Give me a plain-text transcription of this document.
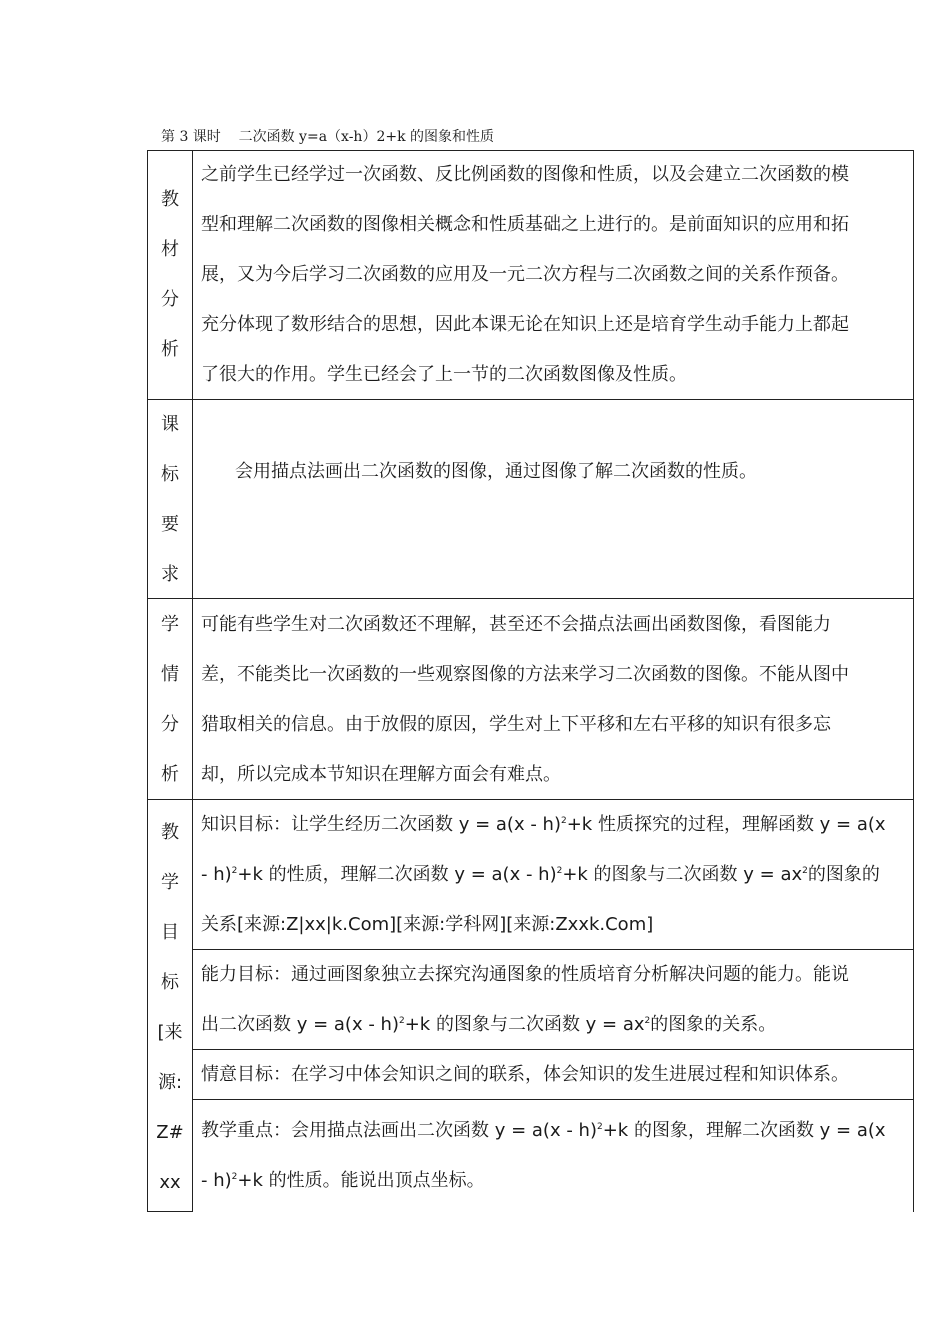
第 3 课时    二次函数 y=a（x-h）2+k 的图象和性质
教
材
分
析
之前学生已经学过一次函数、反比例函数的图像和性质，以及会建立二次函数的模
型和理解二次函数的图像相关概念和性质基础之上进行的。是前面知识的应用和拓
展，又为今后学习二次函数的应用及一元二次方程与二次函数之间的关系作预备。
充分体现了数形结合的思想，因此本课无论在知识上还是培育学生动手能力上都起
了很大的作用。学生已经会了上一节的二次函数图像及性质。
课
标
要
求
会用描点法画出二次函数的图像，通过图像了解二次函数的性质。
学
情
分
析
可能有些学生对二次函数还不理解，甚至还不会描点法画出函数图像，看图能力
差，不能类比一次函数的一些观察图像的方法来学习二次函数的图像。不能从图中
猎取相关的信息。由于放假的原因，学生对上下平移和左右平移的知识有很多忘
却，所以完成本节知识在理解方面会有难点。
教
学
目
标
[来
源:
Z#
xx
知识目标：让学生经历二次函数 y = a(x - h)$^2$+k 性质探究的过程，理解函数 y = a(x
- h)$^2$+k 的性质，理解二次函数 y = a(x - h)$^2$+k 的图象与二次函数 $y = ax^2$的图象的
关系[来源:Z|xx|k.Com][来源:学科网][来源:Zxxk.Com]
能力目标：通过画图象独立去探究沟通图象的性质培育分析解决问题的能力。能说
出二次函数 y = a(x - h)$^2$+k 的图象与二次函数 $y = ax^2$的图象的关系。
情意目标：在学习中体会知识之间的联系，体会知识的发生进展过程和知识体系。
教学重点：会用描点法画出二次函数 y = a(x - h)$^2$+k 的图象，理解二次函数 y = a(x
- h)$^2$+k 的性质。能说出顶点坐标。
